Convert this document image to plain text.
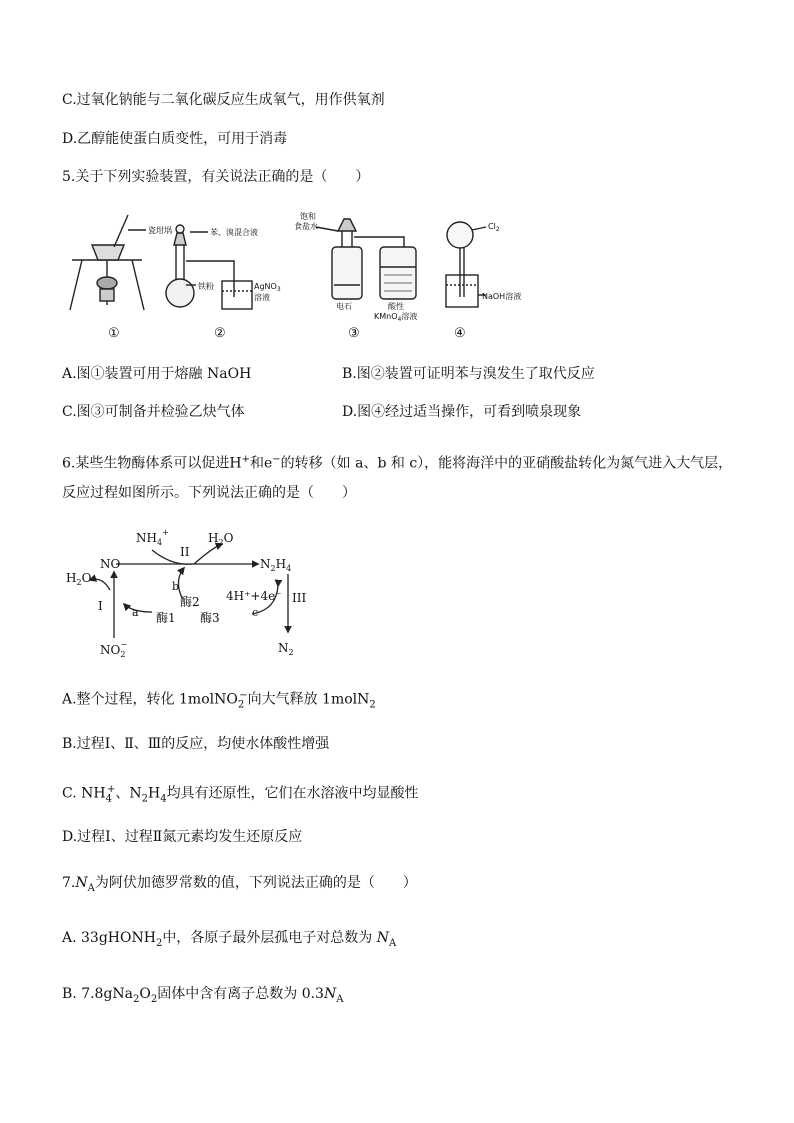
C.过氧化钠能与二氧化碳反应生成氧气，用作供氧剂
D.乙醇能使蛋白质变性，可用于消毒
5.关于下列实验装置，有关说法正确的是（　　）
瓷坩埚	苯、溴混合液
铁粉	AgNO$_3$
溶液
饱和
食盐水
电石	酸性
KMnO$_4$溶液
$Cl_2$
NaOH溶液
①	②	③	④
A.图①装置可用于熔融 NaOH	B.图②装置可证明苯与溴发生了取代反应
C.图③可制备并检验乙炔气体	D.图④经过适当操作，可看到喷泉现象
6.某些生物酶体系可以促进H+和e−的转移（如 a、b 和 c），能将海洋中的亚硝酸盐转化为氮气进入大气层，
反应过程如图所示。下列说法正确的是（　　）
NO
$NH_4^+$	$H_2O$
$N_2H_4$
$H_2O$
I
II
III
a
b
c
酶1
酶2
酶3
4H⁺+4e⁻
$NO_2-$	$N_2$
A.整个过程，转化 1molNO$_2$−向大气释放 1molN$_2$
B.过程Ⅰ、Ⅱ、Ⅲ的反应，均使水体酸性增强
C. $NH_4^+$、$N_2H_4$均具有还原性，它们在水溶液中均显酸性
D.过程Ⅰ、过程Ⅱ氮元素均发生还原反应
$7.N_A$为阿伏加德罗常数的值，下列说法正确的是（　　）
A. 33gHONH$_2$中，各原子最外层孤电子对总数为 $N_A$
B. $7.8gNa_2O_2$固体中含有离子总数为 $0.3N_A$
